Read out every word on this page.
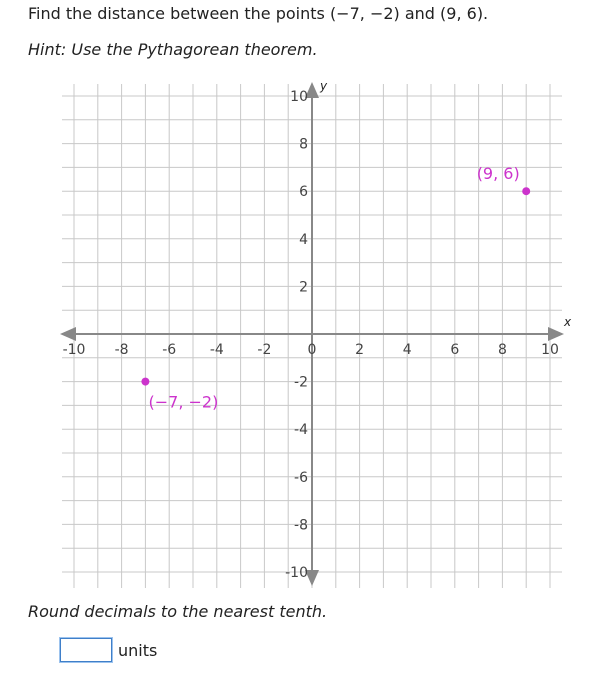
Find the distance between the points (−7, −2) and (9, 6).
Hint: Use the Pythagorean theorem.
x
y
-10 -8 -6 -4 -2	0	2	4	6	8 10
10
8
6
4
2
-2
-4
-6
-8
-10
(−7, −2)
(9, 6)
Round decimals to the nearest tenth.
units
